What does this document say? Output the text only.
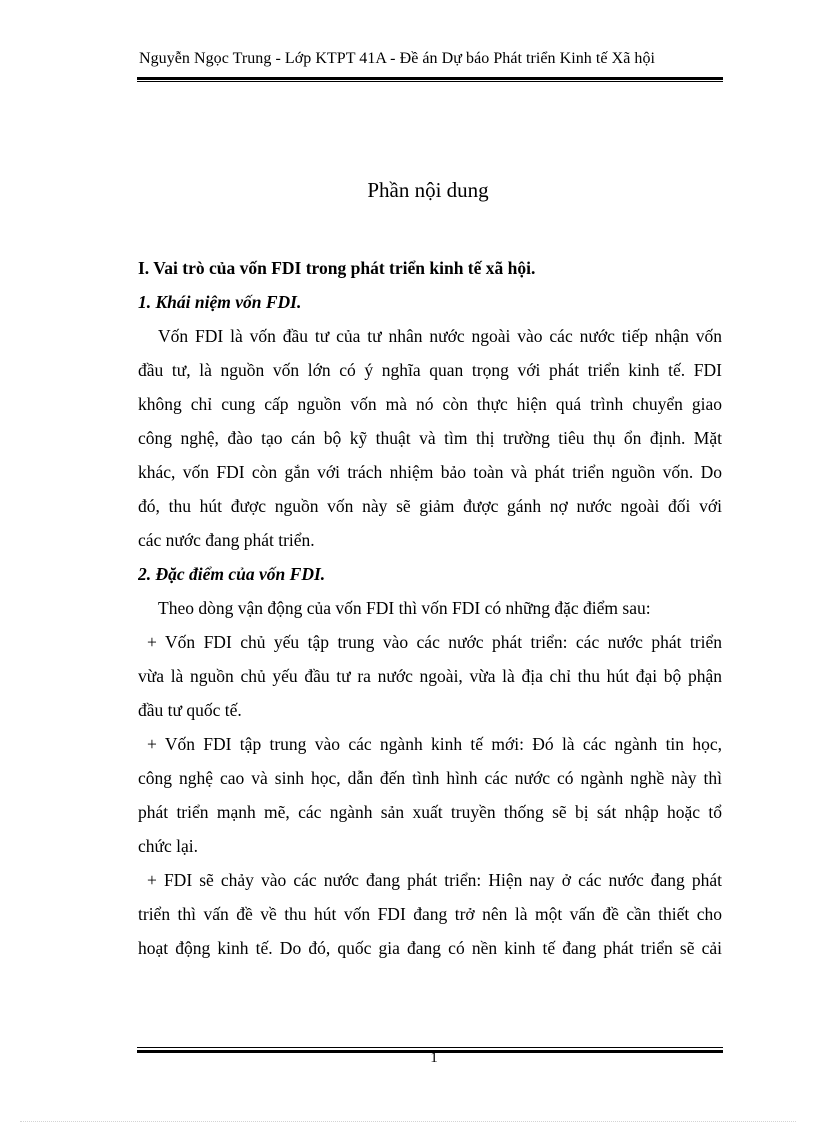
Nguyễn Ngọc Trung - Lớp KTPT 41A - Đề án Dự báo Phát triển Kinh tế Xã hội
Phần nội dung
I. Vai trò của vốn FDI trong phát triển kinh tế xã hội.
1. Khái niệm vốn FDI.
Vốn FDI là vốn đầu tư của tư nhân nước ngoài vào các nước tiếp nhận vốn
đầu tư, là nguồn vốn lớn có ý nghĩa quan trọng với phát triển kinh tế. FDI
không chỉ cung cấp nguồn vốn mà nó còn thực hiện quá trình chuyển giao
công nghệ, đào tạo cán bộ kỹ thuật và tìm thị trường tiêu thụ ổn định. Mặt
khác, vốn FDI còn gắn với trách nhiệm bảo toàn và phát triển nguồn vốn. Do
đó, thu hút được nguồn vốn này sẽ giảm được gánh nợ nước ngoài đối với
các nước đang phát triển.
2. Đặc điểm của vốn FDI.
Theo dòng vận động của vốn FDI thì vốn FDI có những đặc điểm sau:
+ Vốn FDI chủ yếu tập trung vào các nước phát triển: các nước phát triển
vừa là nguồn chủ yếu đầu tư ra nước ngoài, vừa là địa chỉ thu hút đại bộ phận
đầu tư quốc tế.
+ Vốn FDI tập trung vào các ngành kinh tế mới: Đó là các ngành tin học,
công nghệ cao và sinh học, dẫn đến tình hình các nước có ngành nghề này thì
phát triển mạnh mẽ, các ngành sản xuất truyền thống sẽ bị sát nhập hoặc tổ
chức lại.
+ FDI sẽ chảy vào các nước đang phát triển: Hiện nay ở các nước đang phát
triển thì vấn đề về thu hút vốn FDI đang trở nên là một vấn đề cần thiết cho
hoạt động kinh tế. Do đó, quốc gia đang có nền kinh tế đang phát triển sẽ cải
1
